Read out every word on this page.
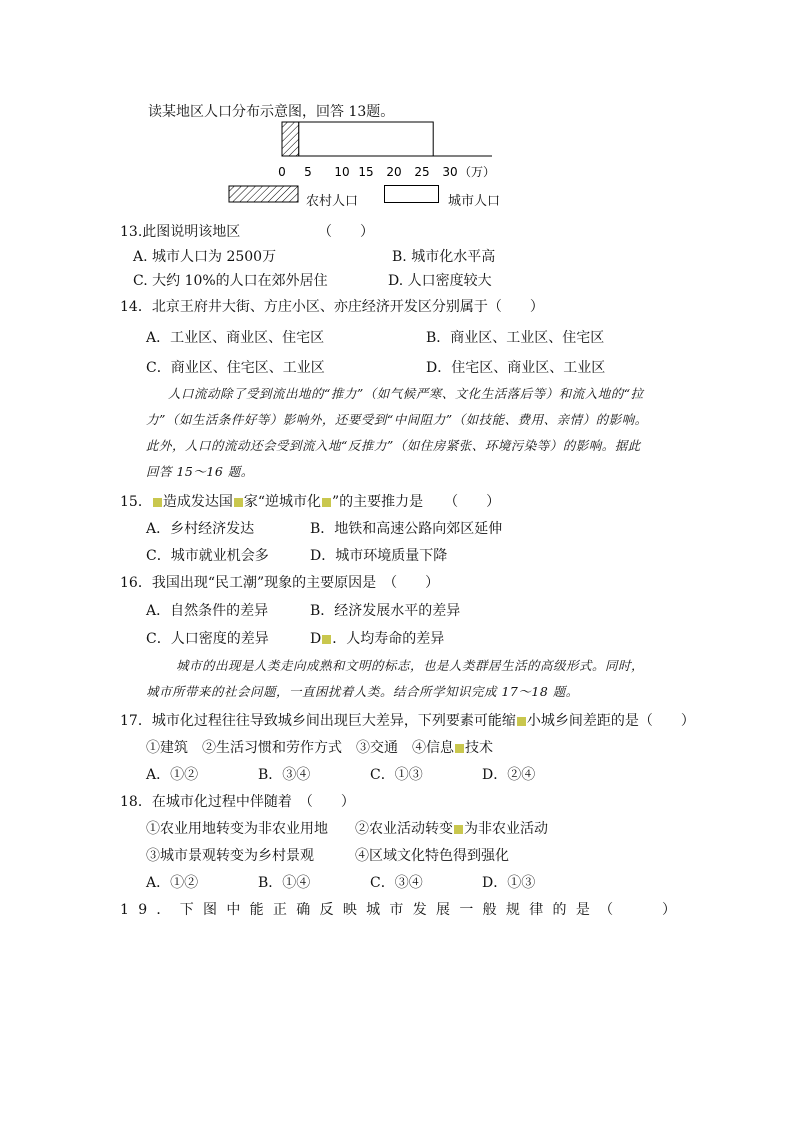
读某地区人口分布示意图，回答 13题。
0 5 10 15 20 25 30 （万）
农村人口	城市人口
13.此图说明该地区	（　　）
A. 城市人口为 2500万	B. 城市化水平高
C. 大约 10%的人口在郊外居住	D. 人口密度较大
14．北京王府井大街、方庄小区、亦庄经济开发区分别属于（　　）
A．工业区、商业区、住宅区	B．商业区、工业区、住宅区
C．商业区、住宅区、工业区	D．住宅区、商业区、工业区
人口流动除了受到流出地的“推力”（如气候严寒、文化生活落后等）和流入地的“拉
力”（如生活条件好等）影响外，还要受到“中间阻力”（如技能、费用、亲情）的影响。
此外，人口的流动还会受到流入地“反推力”（如住房紧张、环境污染等）的影响。据此
回答 15～16 题。
15． 造成发达国 家“逆城市化 ”的主要推力是　　（　　）
A．乡村经济发达	B．地铁和高速公路向郊区延伸
C．城市就业机会多	D．城市环境质量下降
16．我国出现“民工潮”现象的主要原因是　（　　）
A．自然条件的差异	B．经济发展水平的差异
C．人口密度的差异	D ．人均寿命的差异
城市的出现是人类走向成熟和文明的标志，也是人类群居生活的高级形式。同时，
城市所带来的社会问题，一直困扰着人类。结合所学知识完成 17～18 题。
17．城市化过程往往导致城乡间出现巨大差异，下列要素可能缩 小城乡间差距的是（　　）
①建筑　②生活习惯和劳作方式　③交通　④信息 技术
A．①②	B．③④	C．①③	D．②④
18．在城市化过程中伴随着　（　　）
①农业用地转变为非农业用地 ②农业活动转变 为非农业活动
③城市景观转变为乡村景观	④区域文化特色得到强化
A．①②	B．①④	C．③④	D．①③
19．下图中能正确反映城市发展一般规律的是（	）
